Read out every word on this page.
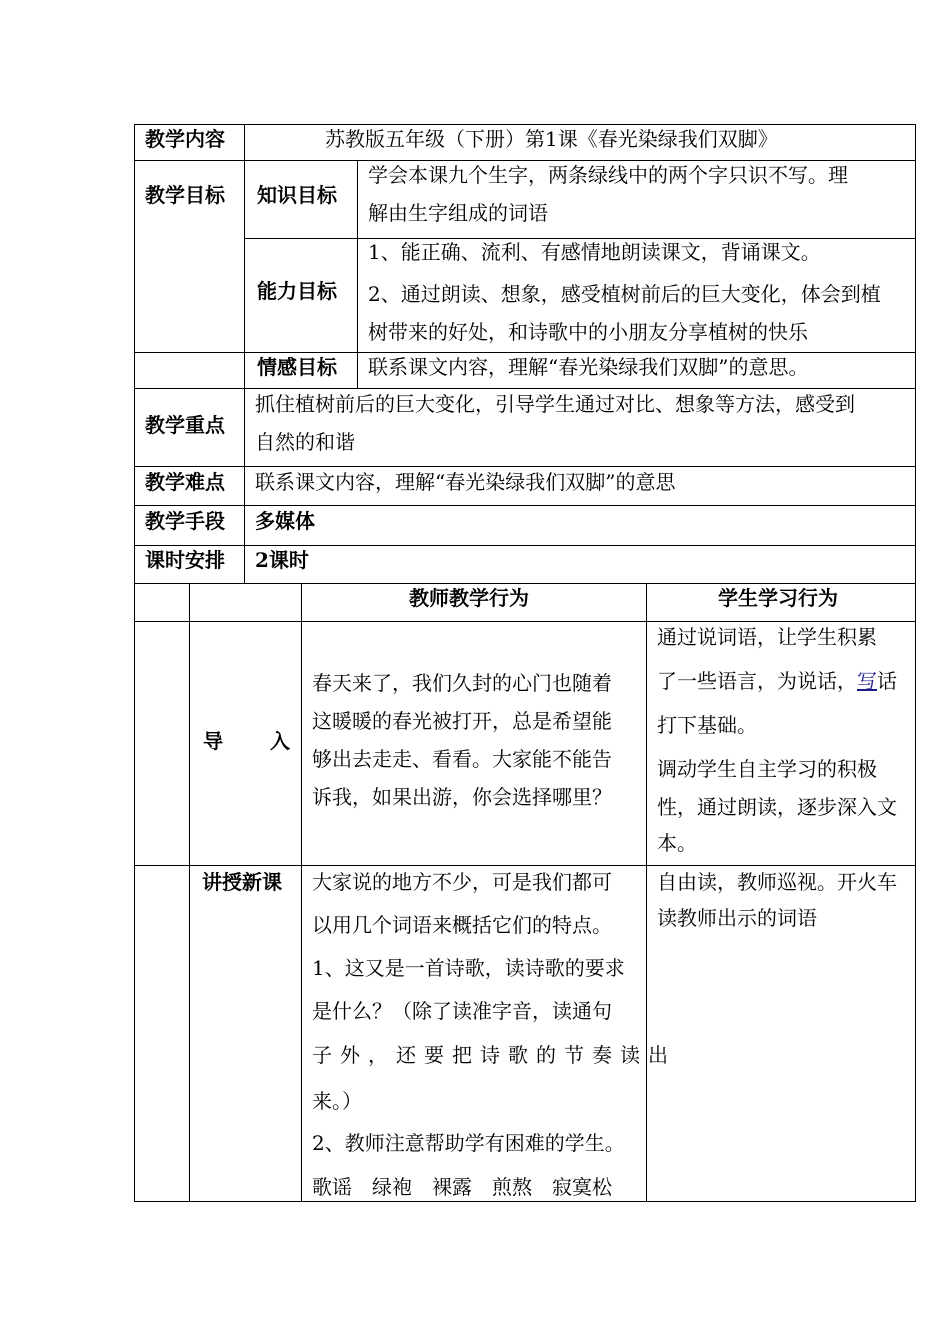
教学内容	苏教版五年级（下册）第1课《春光染绿我们双脚》
教学目标 知识目标
学会本课九个生字，两条绿线中的两个字只识不写。理
解由生字组成的词语
能力目标
1、能正确、流利、有感情地朗读课文，背诵课文。
2、通过朗读、想象，感受植树前后的巨大变化，体会到植
树带来的好处，和诗歌中的小朋友分享植树的快乐
情感目标 联系课文内容，理解“春光染绿我们双脚”的意思。
教学重点
抓住植树前后的巨大变化，引导学生通过对比、想象等方法，感受到
自然的和谐
教学难点 联系课文内容，理解“春光染绿我们双脚”的意思
教学手段 多媒体
课时安排 2课时
教师教学行为	学生学习行为
导 入
春天来了，我们久封的心门也随着
这暖暖的春光被打开，总是希望能
够出去走走、看看。大家能不能告
诉我，如果出游，你会选择哪里？
通过说词语，让学生积累
了一些语言，为说话，写话
打下基础。
调动学生自主学习的积极
性，通过朗读，逐步深入文
本。
讲授新课 大家说的地方不少，可是我们都可
以用几个词语来概括它们的特点。
1、这又是一首诗歌，读诗歌的要求
是什么？（除了读准字音，读通句
子外，还要把诗歌的节奏读出
来。）
2、教师注意帮助学有困难的学生。
歌谣　绿袍　裸露　煎熬　寂寞松
自由读，教师巡视。开火车
读教师出示的词语
